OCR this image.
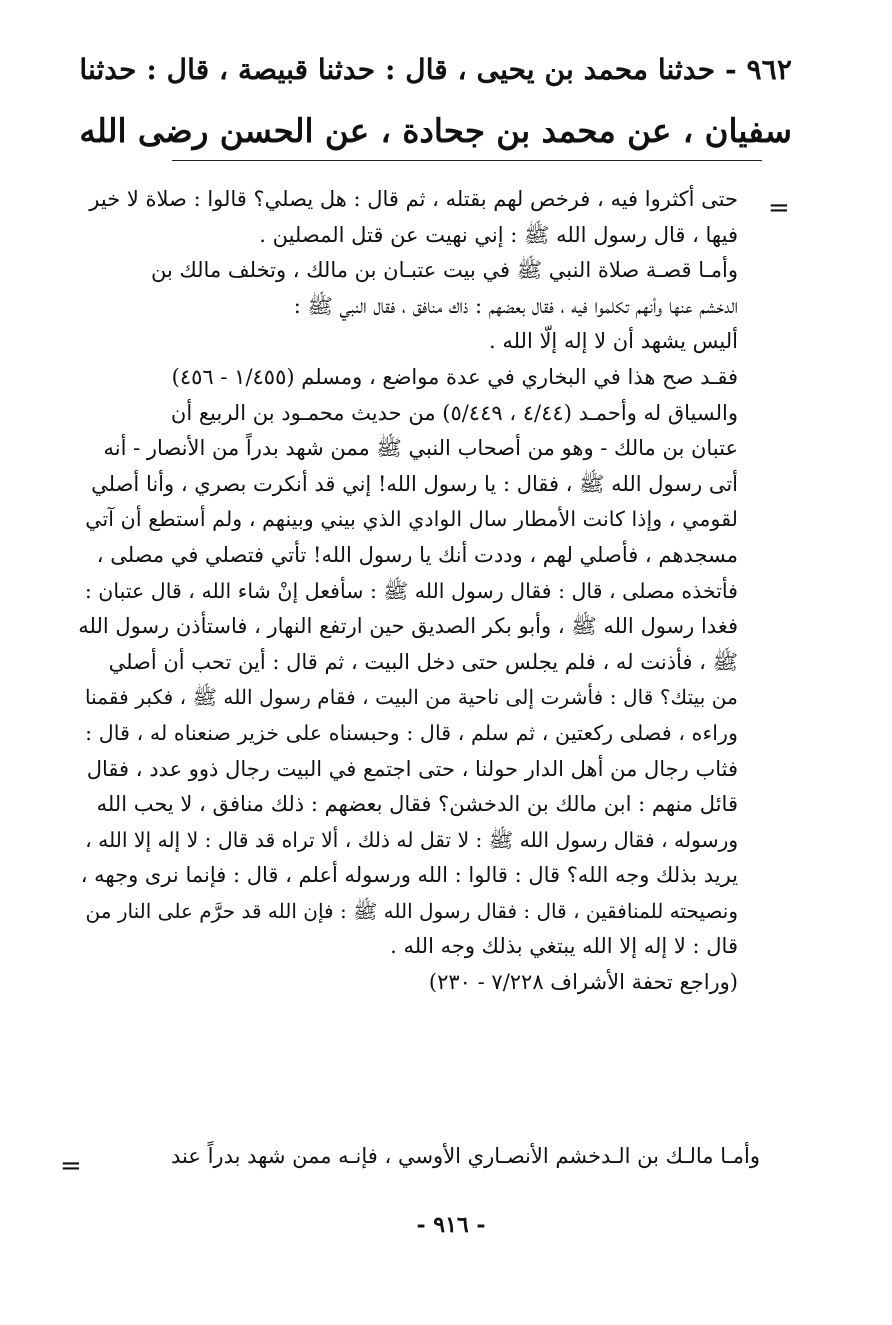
٩٦٢ - حدثنا محمد بن يحيى ، قال : حدثنا قبيصة ، قال : حدثنا
سفيان ، عن محمد بن جحادة ، عن الحسن رضى الله
=
حتى أكثروا فيه ، فرخص لهم بقتله ، ثم قال : هل يصلي؟ قالوا : صلاة لا خير
فيها ، قال رسول الله ﷺ : إني نهيت عن قتل المصلين .
وأمـا قصـة صلاة النبي ﷺ في بيت عتبـان بن مالك ، وتخلف مالك بن
الدخشم عنها وأنهم تكلموا فيه ، فقال بعضهم : ذاك منافق ، فقال النبي ﷺ :
أليس يشهد أن لا إله إلّا الله .
فقـد صح هذا في البخاري في عدة مواضع ، ومسلم (١/٤٥٥ - ٤٥٦)
والسياق له وأحمـد (٤/٤٤ ، ٥/٤٤٩) من حديث محمـود بن الربيع أن
عتبان بن مالك - وهو من أصحاب النبي ﷺ ممن شهد بدراً من الأنصار - أنه
أتى رسول الله ﷺ ، فقال : يا رسول الله! إني قد أنكرت بصري ، وأنا أصلي
لقومي ، وإذا كانت الأمطار سال الوادي الذي بيني وبينهم ، ولم أستطع أن آتي
مسجدهم ، فأصلي لهم ، وددت أنك يا رسول الله! تأتي فتصلي في مصلى ،
فأتخذه مصلى ، قال : فقال رسول الله ﷺ : سأفعل إنْ شاء الله ، قال عتبان :
فغدا رسول الله ﷺ ، وأبو بكر الصديق حين ارتفع النهار ، فاستأذن رسول الله
ﷺ ، فأذنت له ، فلم يجلس حتى دخل البيت ، ثم قال : أين تحب أن أصلي
من بيتك؟ قال : فأشرت إلى ناحية من البيت ، فقام رسول الله ﷺ ، فكبر فقمنا
وراءه ، فصلى ركعتين ، ثم سلم ، قال : وحبسناه على خزير صنعناه له ، قال :
فثاب رجال من أهل الدار حولنا ، حتى اجتمع في البيت رجال ذوو عدد ، فقال
قائل منهم : ابن مالك بن الدخشن؟ فقال بعضهم : ذلك منافق ، لا يحب الله
ورسوله ، فقال رسول الله ﷺ : لا تقل له ذلك ، ألا تراه قد قال : لا إله إلا الله ،
يريد بذلك وجه الله؟ قال : قالوا : الله ورسوله أعلم ، قال : فإنما نرى وجهه ،
ونصيحته للمنافقين ، قال : فقال رسول الله ﷺ : فإن الله قد حرَّم على النار من
قال : لا إله إلا الله يبتغي بذلك وجه الله .
(وراجع تحفة الأشراف ٧/٢٢٨ - ٢٣٠)
وأمـا مالـك بن الـدخشم الأنصـاري الأوسي ، فإنـه ممن شهد بدراً عند
=
- ٩١٦ -
